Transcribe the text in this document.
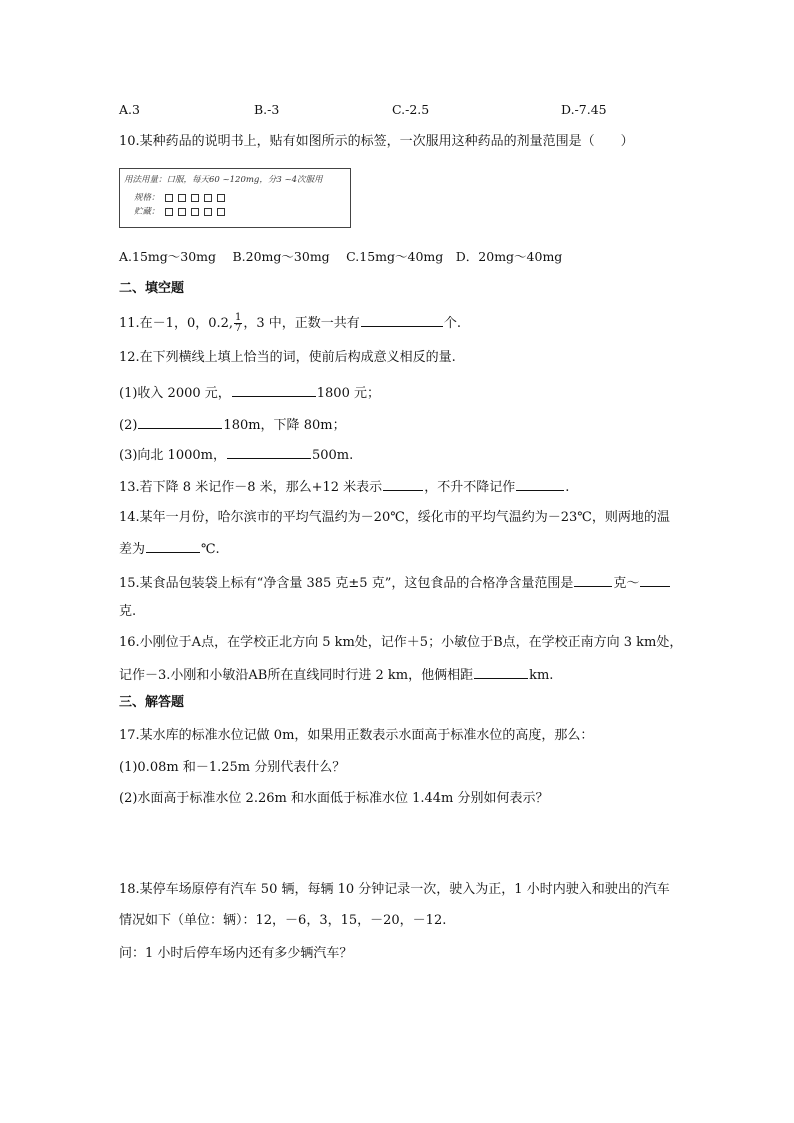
A.3	B.-3	C.-2.5	D.-7.45
10.某种药品的说明书上，贴有如图所示的标签，一次服用这种药品的剂量范围是（　　）
用法用量：口服，每天60 ~120mg，分3 ~4次服用
规格：
贮藏：
A.15mg～30mg　 B.20mg～30mg　 C.15mg～40mg　D．20mg～40mg
二、填空题
11.在－1，0，0.2, $\frac{1}{7}$ ，3 中，正数一共有	个.
12.在下列横线上填上恰当的词，使前后构成意义相反的量.
(1)收入 2000 元，	1800 元；
(2)	180m，下降 80m；
(3)向北 1000m，	500m.
13.若下降 8 米记作－8 米，那么+12 米表示	，不升不降记作	.
14.某年一月份，哈尔滨市的平均气温约为－20℃，绥化市的平均气温约为－23℃，则两地的温
差为	℃.
15.某食品包装袋上标有“净含量 385 克±5 克”，这包食品的合格净含量范围是	克～
克.
16.小刚位于A点，在学校正北方向 5 km处，记作＋5；小敏位于B点，在学校正南方向 3 km处，
记作－3.小刚和小敏沿AB所在直线同时行进 2 km，他俩相距	km.
三、解答题
17.某水库的标准水位记做 0m，如果用正数表示水面高于标准水位的高度，那么：
(1)0.08m 和－1.25m 分别代表什么？
(2)水面高于标准水位 2.26m 和水面低于标准水位 1.44m 分别如何表示？
18.某停车场原停有汽车 50 辆，每辆 10 分钟记录一次，驶入为正，1 小时内驶入和驶出的汽车
情况如下（单位：辆）：12，－6，3，15，－20，－12.
问：1 小时后停车场内还有多少辆汽车？
